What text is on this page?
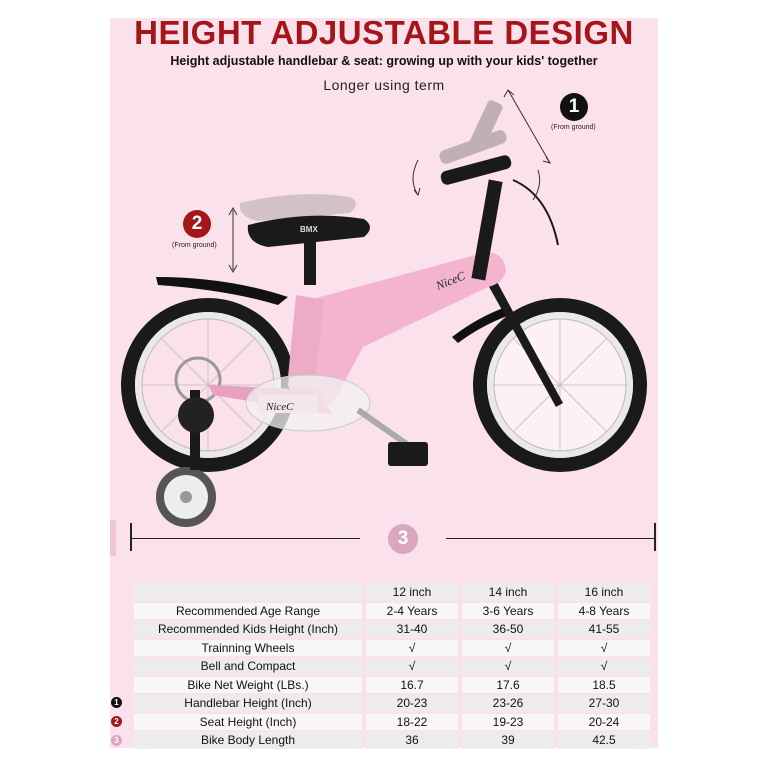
HEIGHT ADJUSTABLE DESIGN
Height adjustable handlebar & seat: growing up with your kids' together
Longer using term
BMX
NiceC
NiceC
1
(From ground)
2
(From ground)
3
		12 inch		14 inch		16 inch
Recommended Age Range		2-4 Years		3-6 Years		4-8 Years
Recommended Kids Height (Inch)		31-40		36-50		41-55
Trainning Wheels		√		√		√
Bell and Compact		√		√		√
Bike Net Weight (LBs.)		16.7		17.6		18.5
Handlebar Height (Inch)		20-23		23-26		27-30
Seat Height (Inch)		18-22		19-23		20-24
Bike Body Length		36		39		42.5
1
2
3
